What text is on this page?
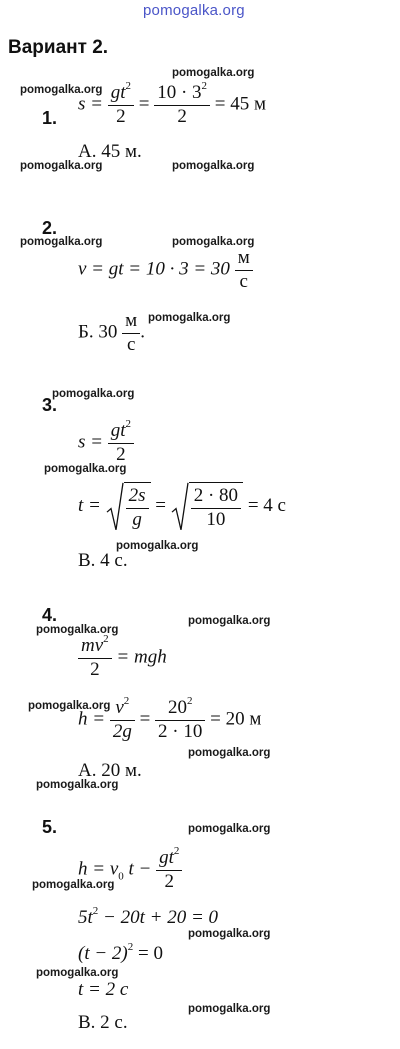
pomogalka.org
Вариант 2.
pomogalka.org
pomogalka.org
pomogalka.org	pomogalka.org
pomogalka.org	pomogalka.org
pomogalka.org
pomogalka.org
pomogalka.org
pomogalka.org
pomogalka.org
pomogalka.org
pomogalka.org
pomogalka.org
pomogalka.org
pomogalka.org
pomogalka.org
pomogalka.org
pomogalka.org
pomogalka.org
1.
$s = \frac{gt^2}{2} = \frac{10 \cdot 3^2}{2} = 45$ м
А. 45 м.
2.
v = gt = $10 \cdot 3 = 30 \frac{м}{с}$
Б. $30 \frac{м}{с}$ .
3.
$s = \frac{gt^2}{2}$
$t = \frac{2s}{g} = \frac{2 \cdot 80}{10} = 4$ с
В. 4 с.
4.
$\frac{mv^2}{2}$ = mgh
$h = \frac{v^2}{2g} = \frac{20^2}{2 \cdot 10} = 20$ м
А. 20 м.
5.
$h = v_0$ $t - \frac{gt^2}{2}$
$5t^2 - 20t + 20 = 0$
$(t - 2)^2 = 0$
t = 2 с
В. 2 с.
